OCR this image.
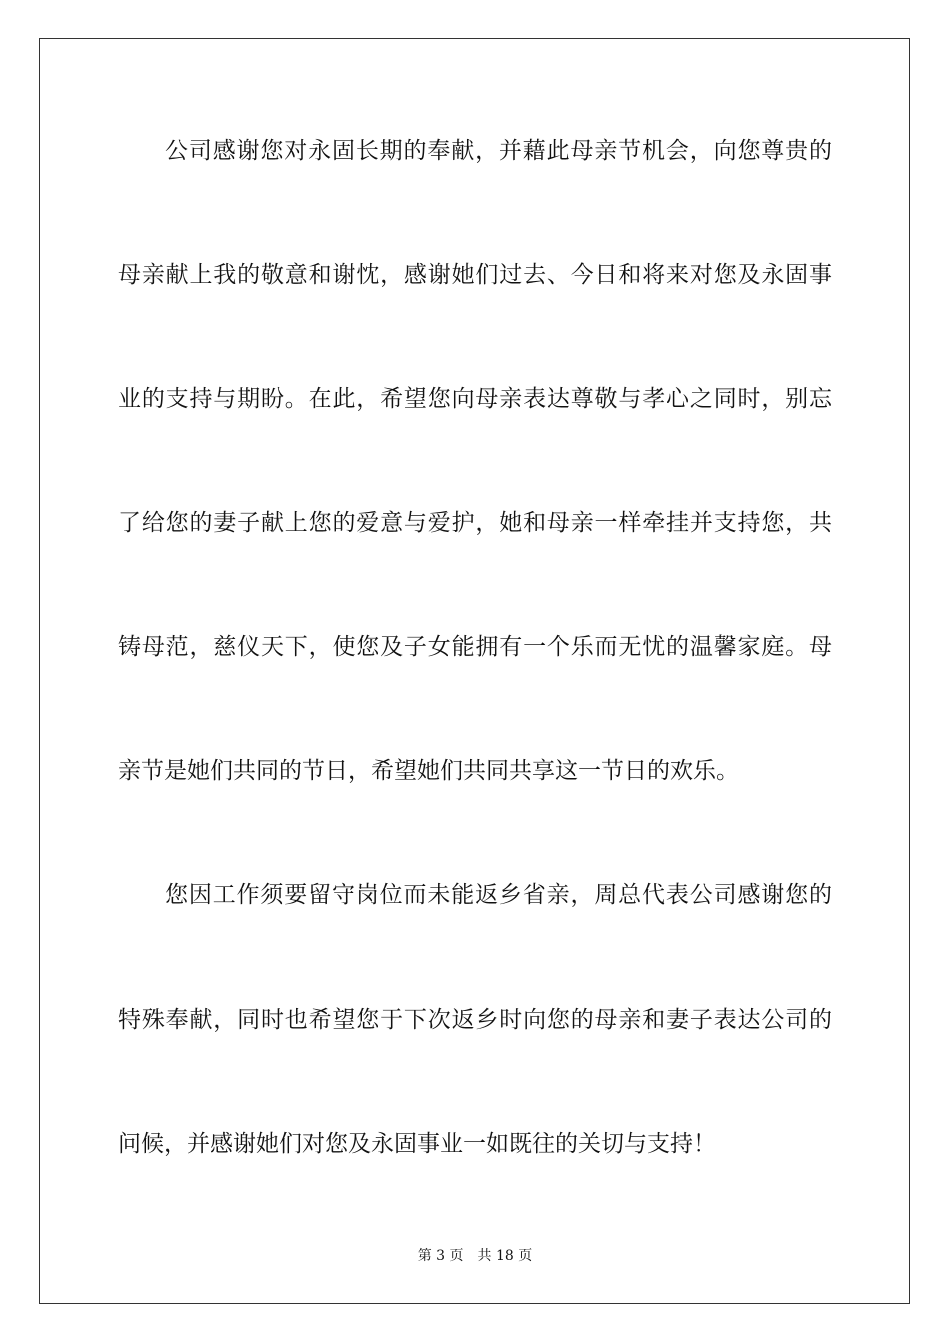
公司感谢您对永固长期的奉献，并藉此母亲节机会，向您尊贵的
母亲献上我的敬意和谢忱，感谢她们过去、今日和将来对您及永固事
业的支持与期盼。在此，希望您向母亲表达尊敬与孝心之同时，别忘
了给您的妻子献上您的爱意与爱护，她和母亲一样牵挂并支持您，共
铸母范，慈仪天下，使您及子女能拥有一个乐而无忧的温馨家庭。母
亲节是她们共同的节日，希望她们共同共享这一节日的欢乐。
您因工作须要留守岗位而未能返乡省亲，周总代表公司感谢您的
特殊奉献，同时也希望您于下次返乡时向您的母亲和妻子表达公司的
问候，并感谢她们对您及永固事业一如既往的关切与支持！
第 3 页 共 18 页
